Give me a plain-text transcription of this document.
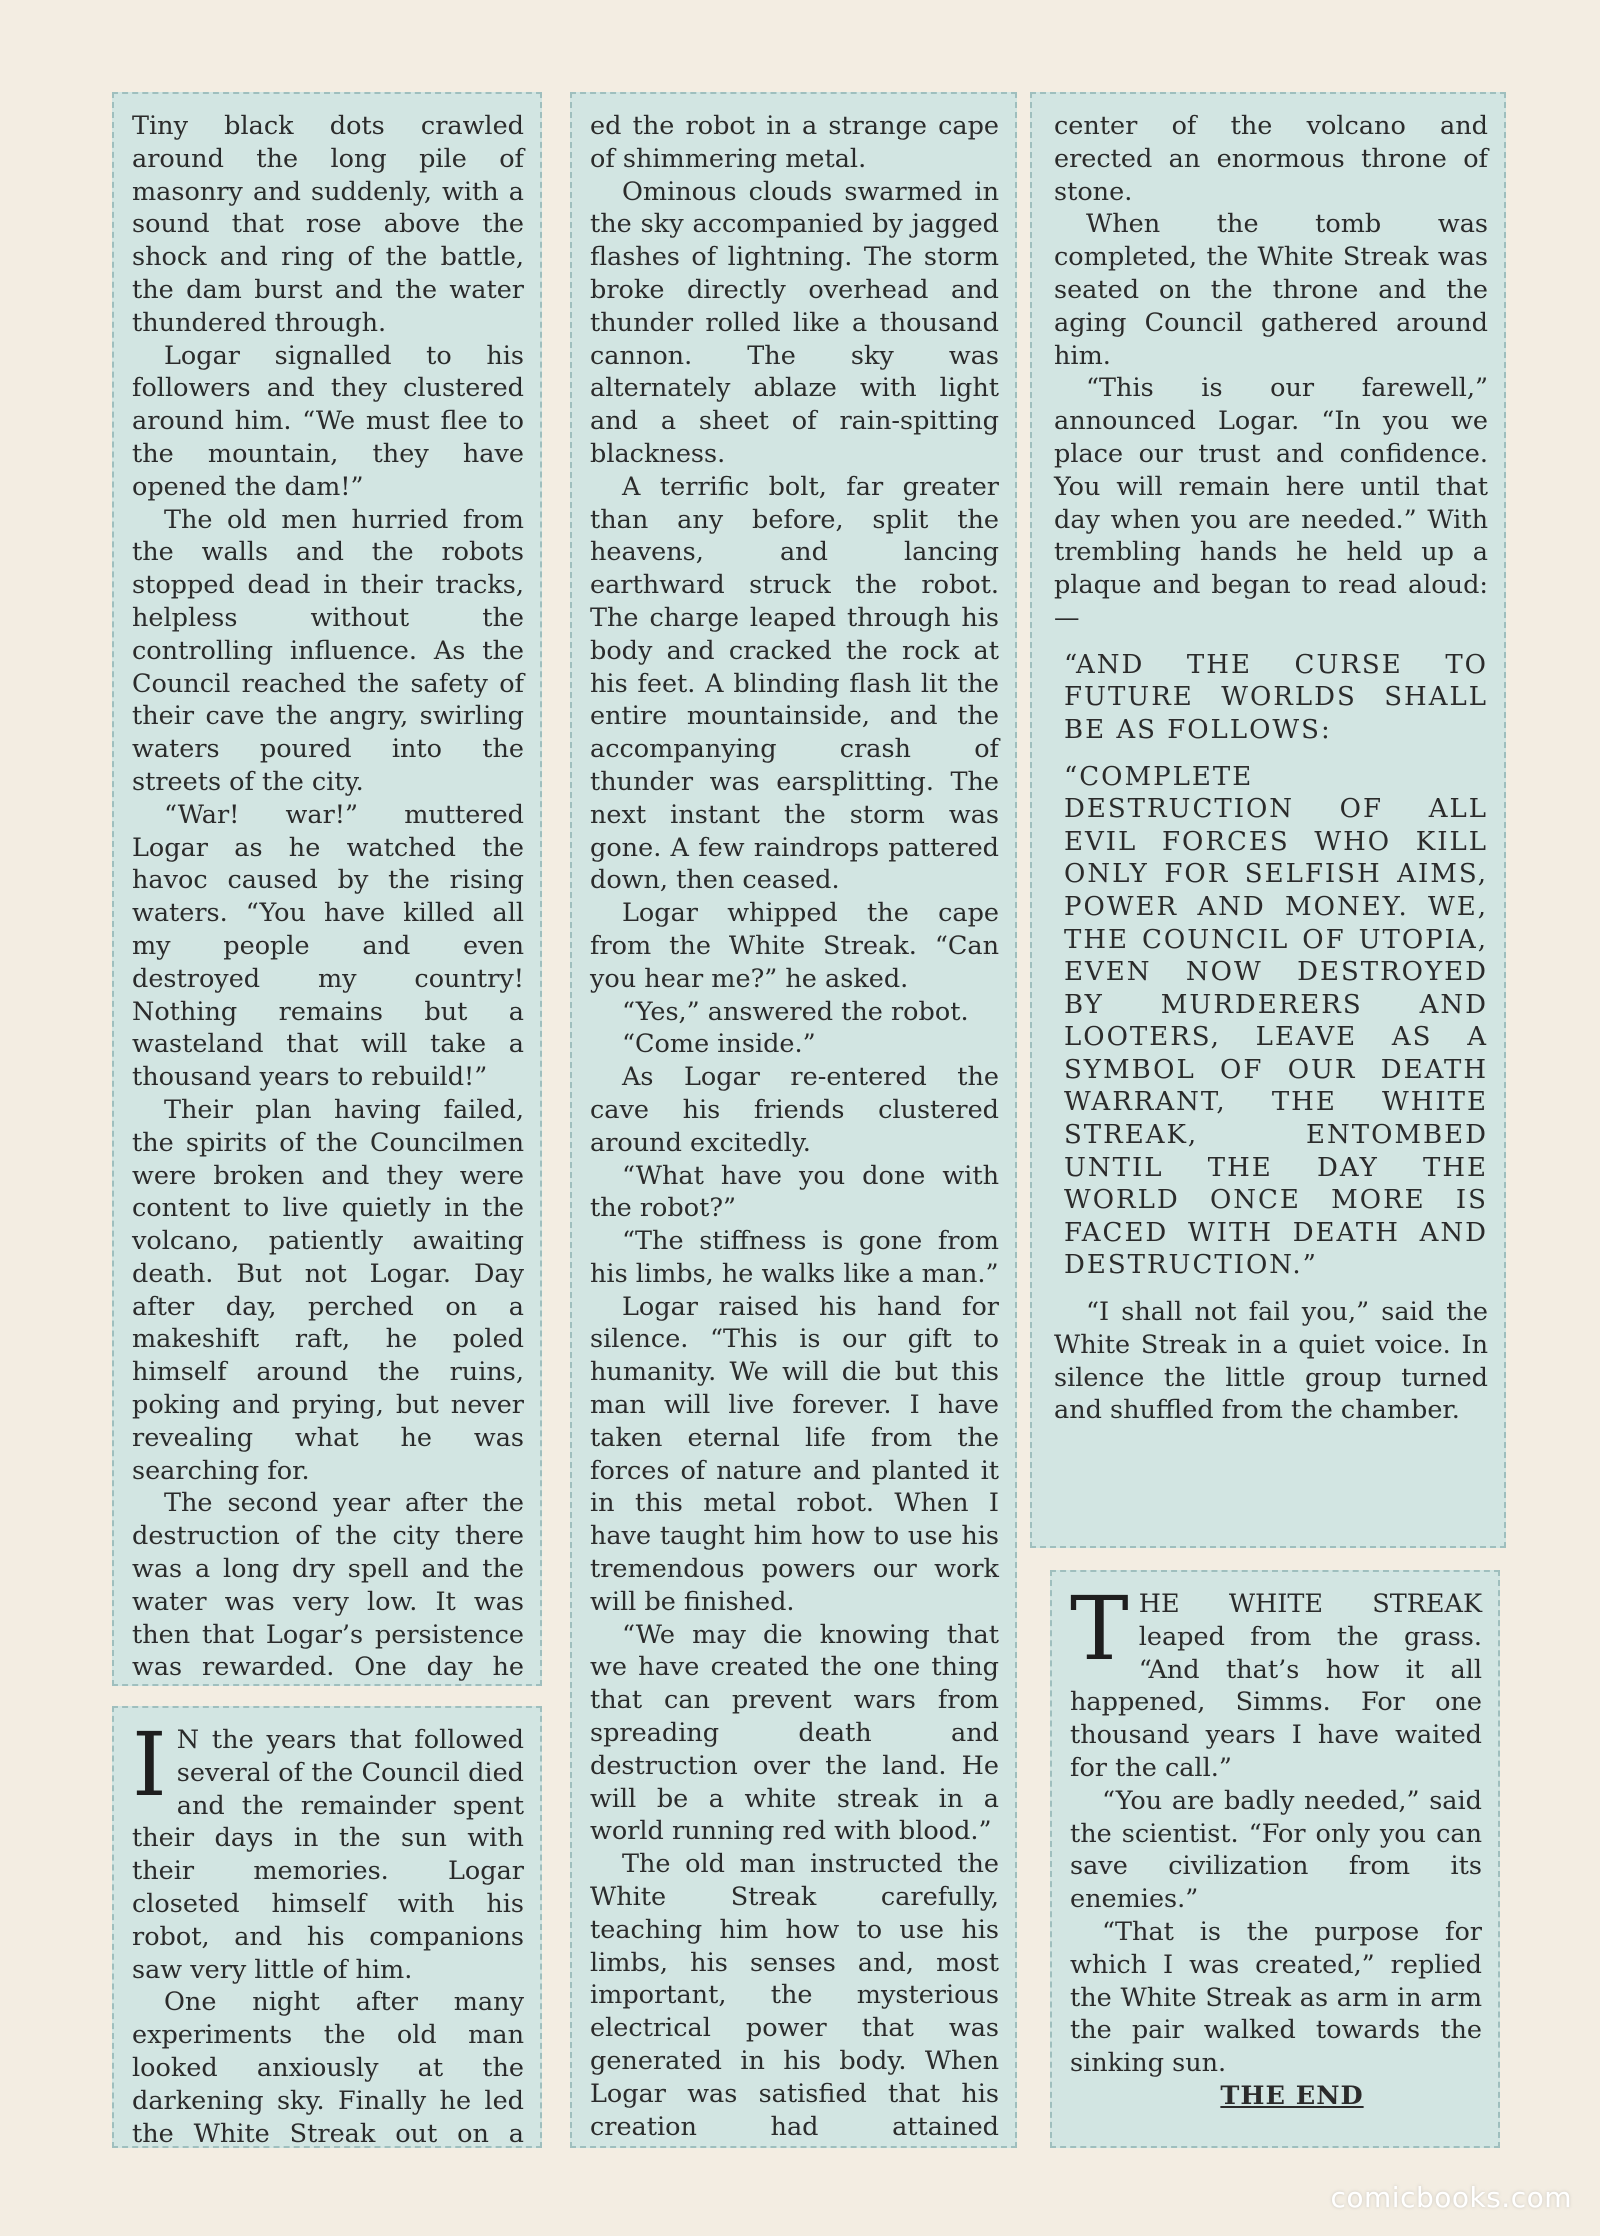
Tiny black dots crawled around the long pile of masonry and suddenly, with a sound that rose above the shock and ring of the battle, the dam burst and the water thundered through.

Logar signalled to his followers and they clustered around him. “We must flee to the mountain, they have opened the dam!”

The old men hurried from the walls and the robots stopped dead in their tracks, helpless without the controlling influence. As the Council reached the safety of their cave the angry, swirling waters poured into the streets of the city.

“War! war!” muttered Logar as he watched the havoc caused by the rising waters. “You have killed all my people and even destroyed my country! Nothing remains but a wasteland that will take a thousand years to rebuild!”

Their plan having failed, the spirits of the Councilmen were broken and they were content to live quietly in the volcano, patiently awaiting death. But not Logar. Day after day, perched on a makeshift raft, he poled himself around the ruins, poking and prying, but never revealing what he was searching for.

The second year after the destruction of the city there was a long dry spell and the water was very low. It was then that Logar’s persistence was rewarded. One day he

I N the years that followed several of the Council died and the remainder spent their days in the sun with their memories. Logar closeted himself with his robot, and his companions saw very little of him.

One night after many experiments the old man looked anxiously at the darkening sky. Finally he led the White Streak out on a

ed the robot in a strange cape of shimmering metal.

Ominous clouds swarmed in the sky accompanied by jagged flashes of lightning. The storm broke directly overhead and thunder rolled like a thousand cannon. The sky was alternately ablaze with light and a sheet of rain-spitting blackness.

A terrific bolt, far greater than any before, split the heavens, and lancing earthward struck the robot. The charge leaped through his body and cracked the rock at his feet. A blinding flash lit the entire mountainside, and the accompanying crash of thunder was earsplitting. The next instant the storm was gone. A few raindrops pattered down, then ceased.

Logar whipped the cape from the White Streak. “Can you hear me?” he asked.

“Yes,” answered the robot.

“Come inside.”

As Logar re-entered the cave his friends clustered around excitedly.

“What have you done with the robot?”

“The stiffness is gone from his limbs, he walks like a man.”

Logar raised his hand for silence. “This is our gift to humanity. We will die but this man will live forever. I have taken eternal life from the forces of nature and planted it in this metal robot. When I have taught him how to use his tremendous powers our work will be finished.

“We may die knowing that we have created the one thing that can prevent wars from spreading death and destruction over the land. He will be a white streak in a world running red with blood.”

The old man instructed the White Streak carefully, teaching him how to use his limbs, his senses and, most important, the mysterious electrical power that was generated in his body. When Logar was satisfied that his creation had attained

center of the volcano and erected an enormous throne of stone.

When the tomb was completed, the White Streak was seated on the throne and the aging Council gathered around him.

“This is our farewell,” announced Logar. “In you we place our trust and confidence. You will remain here until that day when you are needed.” With trembling hands he held up a plaque and began to read aloud:—

“AND THE CURSE TO FUTURE WORLDS SHALL BE AS FOLLOWS:

“COMPLETE DESTRUCTION OF ALL EVIL FORCES WHO KILL ONLY FOR SELFISH AIMS, POWER AND MONEY. WE, THE COUNCIL OF UTOPIA, EVEN NOW DESTROYED BY MURDERERS AND LOOTERS, LEAVE AS A SYMBOL OF OUR DEATH WARRANT, THE WHITE STREAK, ENTOMBED UNTIL THE DAY THE WORLD ONCE MORE IS FACED WITH DEATH AND DESTRUCTION.”

“I shall not fail you,” said the White Streak in a quiet voice. In silence the little group turned and shuffled from the chamber.

THE WHITE STREAK leaped from the grass. “And that’s how it all happened, Simms. For one thousand years I have waited for the call.”

“You are badly needed,” said the scientist. “For only you can save civilization from its enemies.”

“That is the purpose for which I was created,” replied the White Streak as arm in arm the pair walked towards the sinking sun.

THE END

comicbooks.com
